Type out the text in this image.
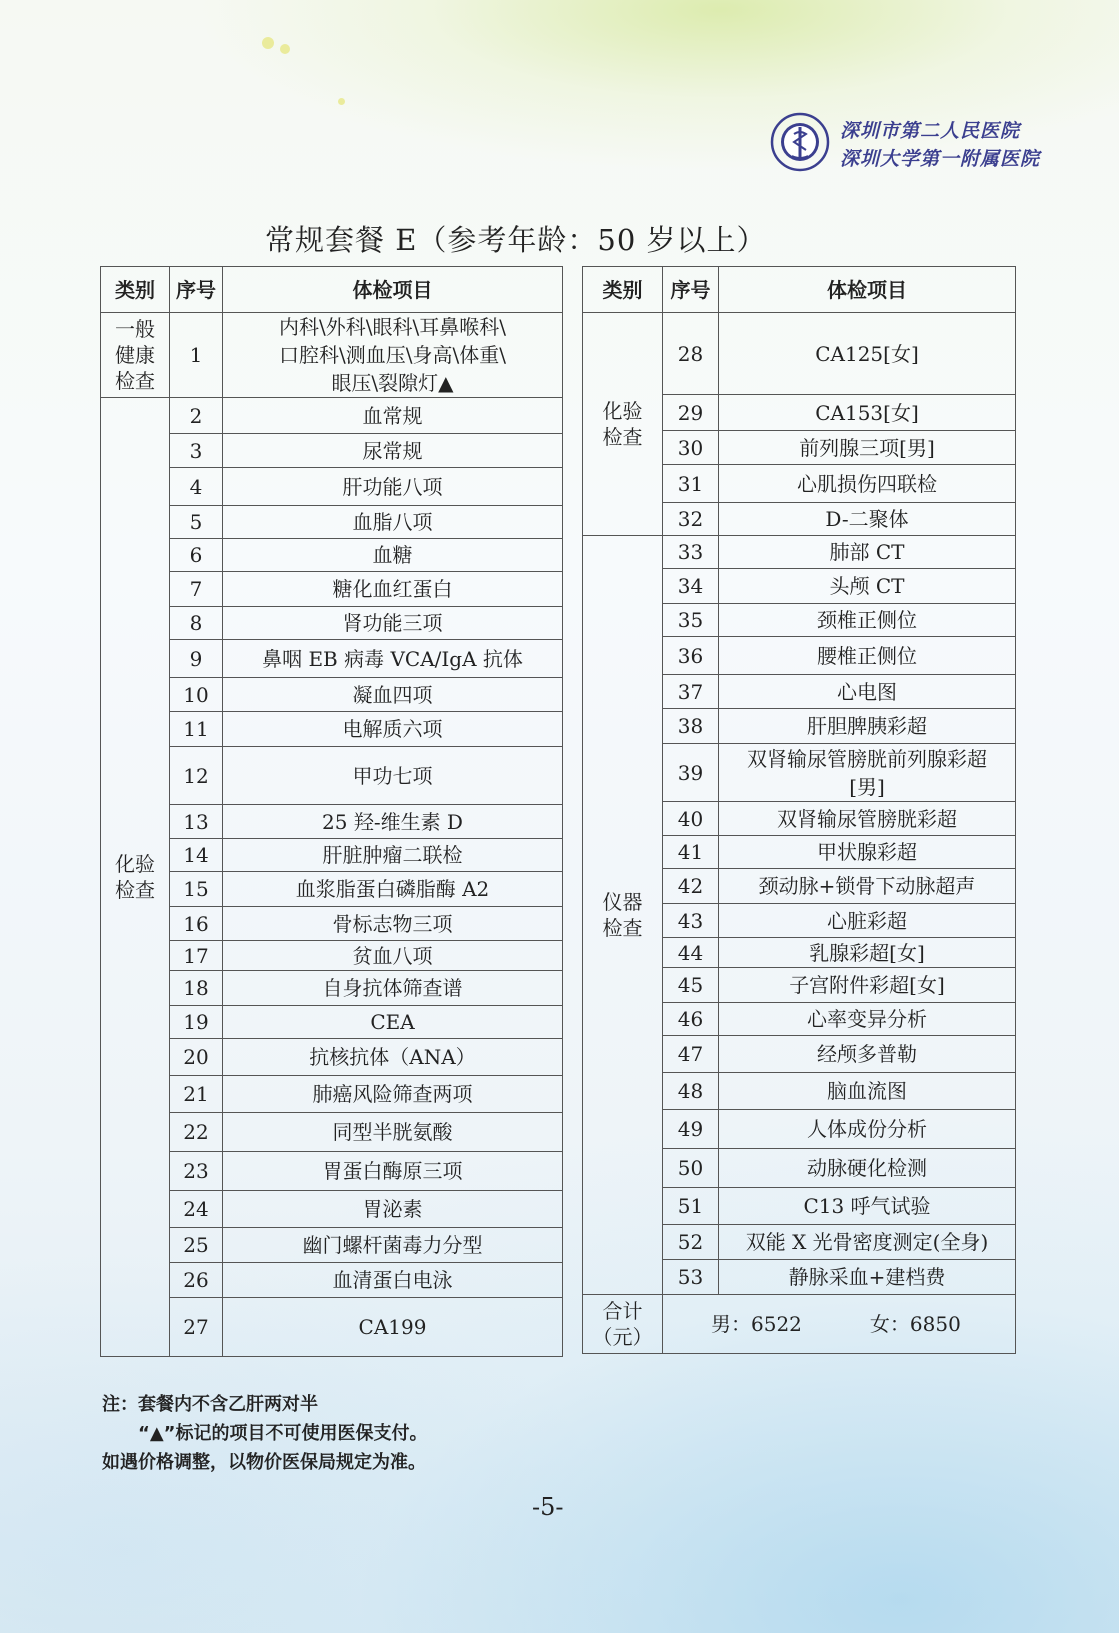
深圳市第二人民医院
深圳大学第一附属医院
常规套餐 E（参考年龄：50 岁以上）
类别	序号	体检项目
一般
健康
检查	1	内科\外科\眼科\耳鼻喉科\
口腔科\测血压\身高\体重\
眼压\裂隙灯▲
化验
检查	2	血常规
	3	尿常规
	4	肝功能八项
	5	血脂八项
	6	血糖
	7	糖化血红蛋白
	8	肾功能三项
	9	鼻咽 EB 病毒 VCA/IgA 抗体
	10	凝血四项
	11	电解质六项
	12	甲功七项
	13	25 羟-维生素 D
	14	肝脏肿瘤二联检
	15	血浆脂蛋白磷脂酶 A2
	16	骨标志物三项
	17	贫血八项
	18	自身抗体筛查谱
	19	CEA
	20	抗核抗体（ANA）
	21	肺癌风险筛查两项
	22	同型半胱氨酸
	23	胃蛋白酶原三项
	24	胃泌素
	25	幽门螺杆菌毒力分型
	26	血清蛋白电泳
	27	CA199
类别	序号	体检项目
化验
检查	28	CA125[女]
	29	CA153[女]
	30	前列腺三项[男]
	31	心肌损伤四联检
	32	D-二聚体
仪器
检查	33	肺部 CT
	34	头颅 CT
	35	颈椎正侧位
	36	腰椎正侧位
	37	心电图
	38	肝胆脾胰彩超
	39	双肾输尿管膀胱前列腺彩超
[男]
	40	双肾输尿管膀胱彩超
	41	甲状腺彩超
	42	颈动脉+锁骨下动脉超声
	43	心脏彩超
	44	乳腺彩超[女]
	45	子宫附件彩超[女]
	46	心率变异分析
	47	经颅多普勒
	48	脑血流图
	49	人体成份分析
	50	动脉硬化检测
	51	C13 呼气试验
	52	双能 X 光骨密度测定(全身)
	53	静脉采血+建档费
合计
（元）	男：6522 女：6850	
注：套餐内不含乙肝两对半
“▲”标记的项目不可使用医保支付。
如遇价格调整，以物价医保局规定为准。
-5-
